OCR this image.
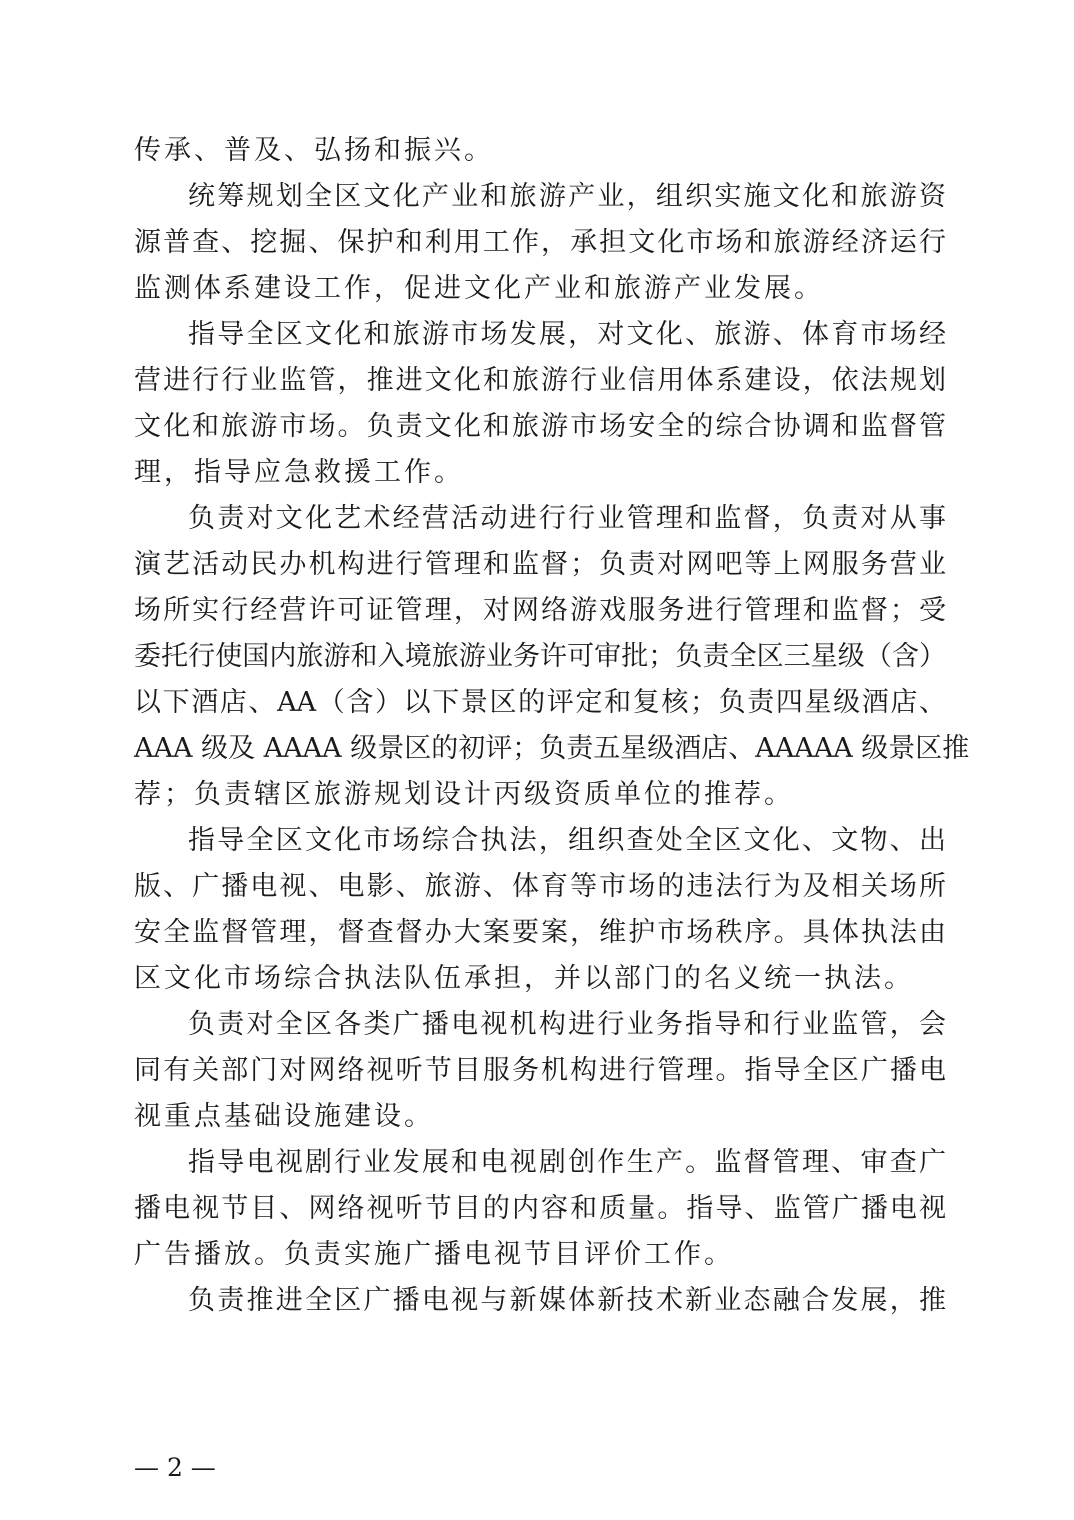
传承、普及、弘扬和振兴。
统筹规划全区文化产业和旅游产业，组织实施文化和旅游资
源普查、挖掘、保护和利用工作，承担文化市场和旅游经济运行
监测体系建设工作，促进文化产业和旅游产业发展。
指导全区文化和旅游市场发展，对文化、旅游、体育市场经
营进行行业监管，推进文化和旅游行业信用体系建设，依法规划
文化和旅游市场。负责文化和旅游市场安全的综合协调和监督管
理，指导应急救援工作。
负责对文化艺术经营活动进行行业管理和监督，负责对从事
演艺活动民办机构进行管理和监督；负责对网吧等上网服务营业
场所实行经营许可证管理，对网络游戏服务进行管理和监督；受
委托行使国内旅游和入境旅游业务许可审批；负责全区三星级（含）
以下酒店、AA（含）以下景区的评定和复核；负责四星级酒店、
AAA 级及 AAAA 级景区的初评；负责五星级酒店、AAAAA 级景区推
荐；负责辖区旅游规划设计丙级资质单位的推荐。
指导全区文化市场综合执法，组织查处全区文化、文物、出
版、广播电视、电影、旅游、体育等市场的违法行为及相关场所
安全监督管理，督查督办大案要案，维护市场秩序。具体执法由
区文化市场综合执法队伍承担，并以部门的名义统一执法。
负责对全区各类广播电视机构进行业务指导和行业监管，会
同有关部门对网络视听节目服务机构进行管理。指导全区广播电
视重点基础设施建设。
指导电视剧行业发展和电视剧创作生产。监督管理、审查广
播电视节目、网络视听节目的内容和质量。指导、监管广播电视
广告播放。负责实施广播电视节目评价工作。
负责推进全区广播电视与新媒体新技术新业态融合发展，推
— 2 —
